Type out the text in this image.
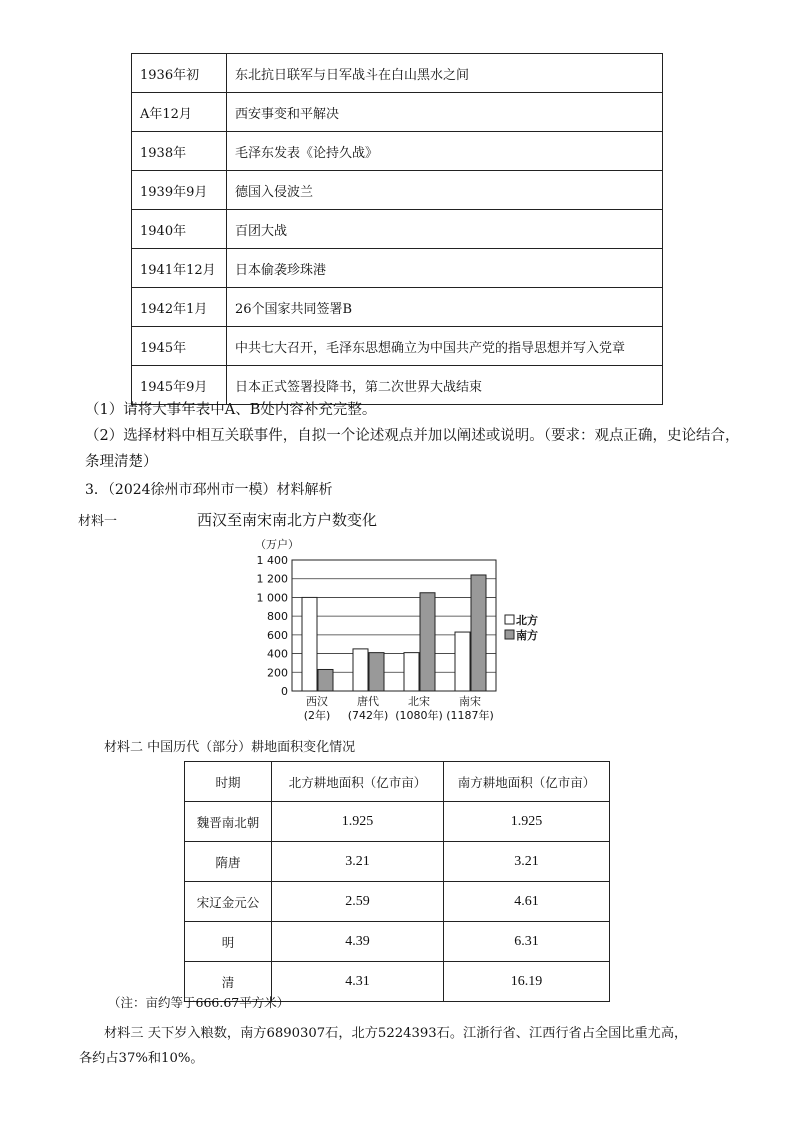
1936年初	东北抗日联军与日军战斗在白山黑水之间
A年12月	西安事变和平解决
1938年	毛泽东发表《论持久战》
1939年9月	德国入侵波兰
1940年	百团大战
1941年12月	日本偷袭珍珠港
1942年1月	26个国家共同签署B
1945年	中共七大召开，毛泽东思想确立为中国共产党的指导思想并写入党章
1945年9月	日本正式签署投降书，第二次世界大战结束
（1）请将大事年表中A、B处内容补充完整。
（2）选择材料中相互关联事件，自拟一个论述观点并加以阐述或说明。（要求：观点正确，史论结合，
条理清楚）
3．（2024徐州市邳州市一模）材料解析
材料一	西汉至南宋南北方户数变化
（万户）
0
200
400
600
800
1 000
1 200
1 400
西汉
(2年)
唐代
(742年)
北宋
(1080年)
南宋
(1187年)
北方
南方
材料二 中国历代（部分）耕地面积变化情况
时期	北方耕地面积（亿市亩）	南方耕地面积（亿市亩）
魏晋南北朝	1.925	1.925
隋唐	3.21	3.21
宋辽金元公	2.59	4.61
明	4.39	6.31
清	4.31	16.19
（注：亩约等于666.67平方米）
材料三 天下岁入粮数，南方6890307石，北方5224393石。江浙行省、江西行省占全国比重尤高，
各约占37%和10%。
